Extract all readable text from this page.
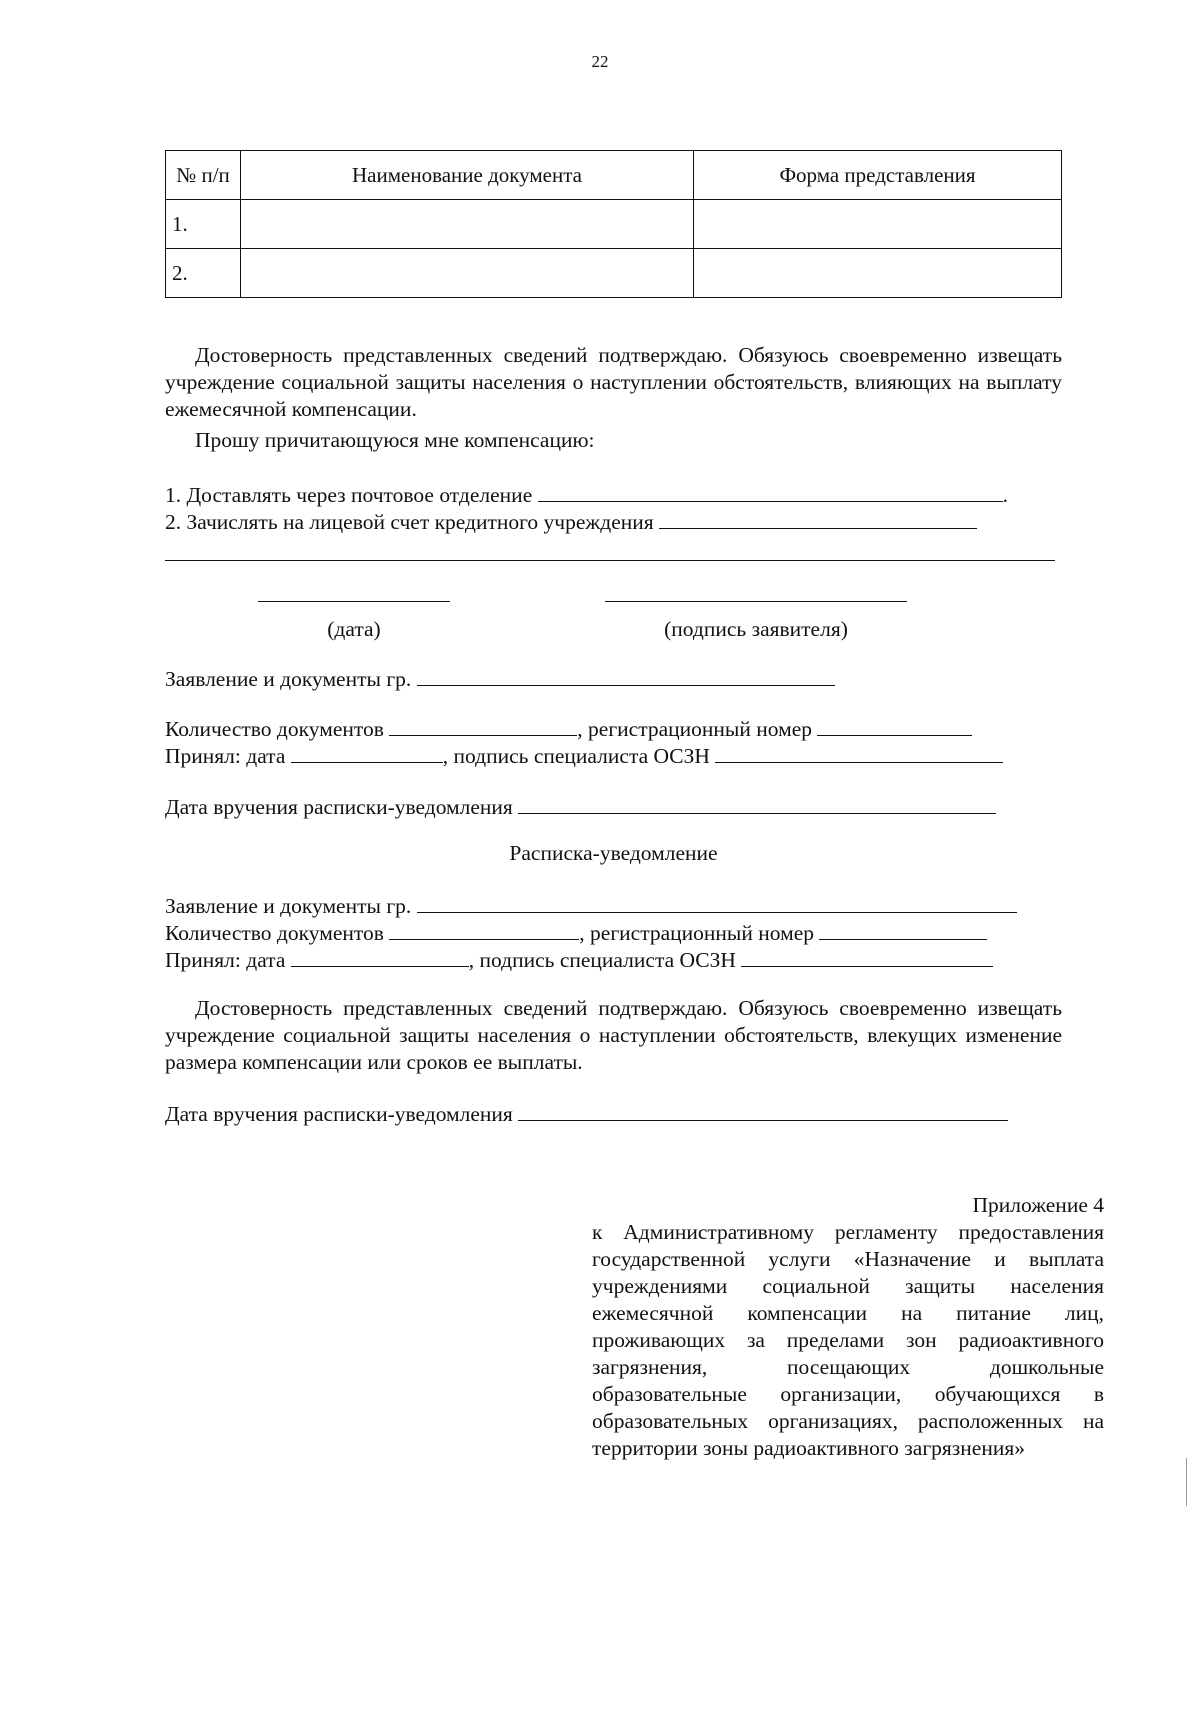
22
№ п/п	Наименование документа	Форма представления
1.		
2.		
Достоверность представленных сведений подтверждаю. Обязуюсь своевременно извещать учреждение социальной защиты населения о наступлении обстоятельств, влияющих на выплату ежемесячной компенсации.
Прошу причитающуюся мне компенсацию:
1. Доставлять через почтовое отделение	.
2. Зачислять на лицевой счет кредитного учреждения
(дата)	(подпись заявителя)
Заявление и документы гр.
Количество документов	, регистрационный номер
Принял: дата	, подпись специалиста ОСЗН
Дата вручения расписки-уведомления
Расписка-уведомление
Заявление и документы гр.
Количество документов	, регистрационный номер
Принял: дата	, подпись специалиста ОСЗН
Достоверность представленных сведений подтверждаю. Обязуюсь своевременно извещать учреждение социальной защиты населения о наступлении обстоятельств, влекущих изменение размера компенсации или сроков ее выплаты.
Дата вручения расписки-уведомления
Приложение 4
к Административному регламенту предоставления государственной услуги «Назначение и выплата учреждениями социальной защиты населения ежемесячной компенсации на питание лиц, проживающих за пределами зон радиоактивного загрязнения, посещающих дошкольные образовательные организации, обучающихся в образовательных организациях, расположенных на территории зоны радиоактивного загрязнения»
